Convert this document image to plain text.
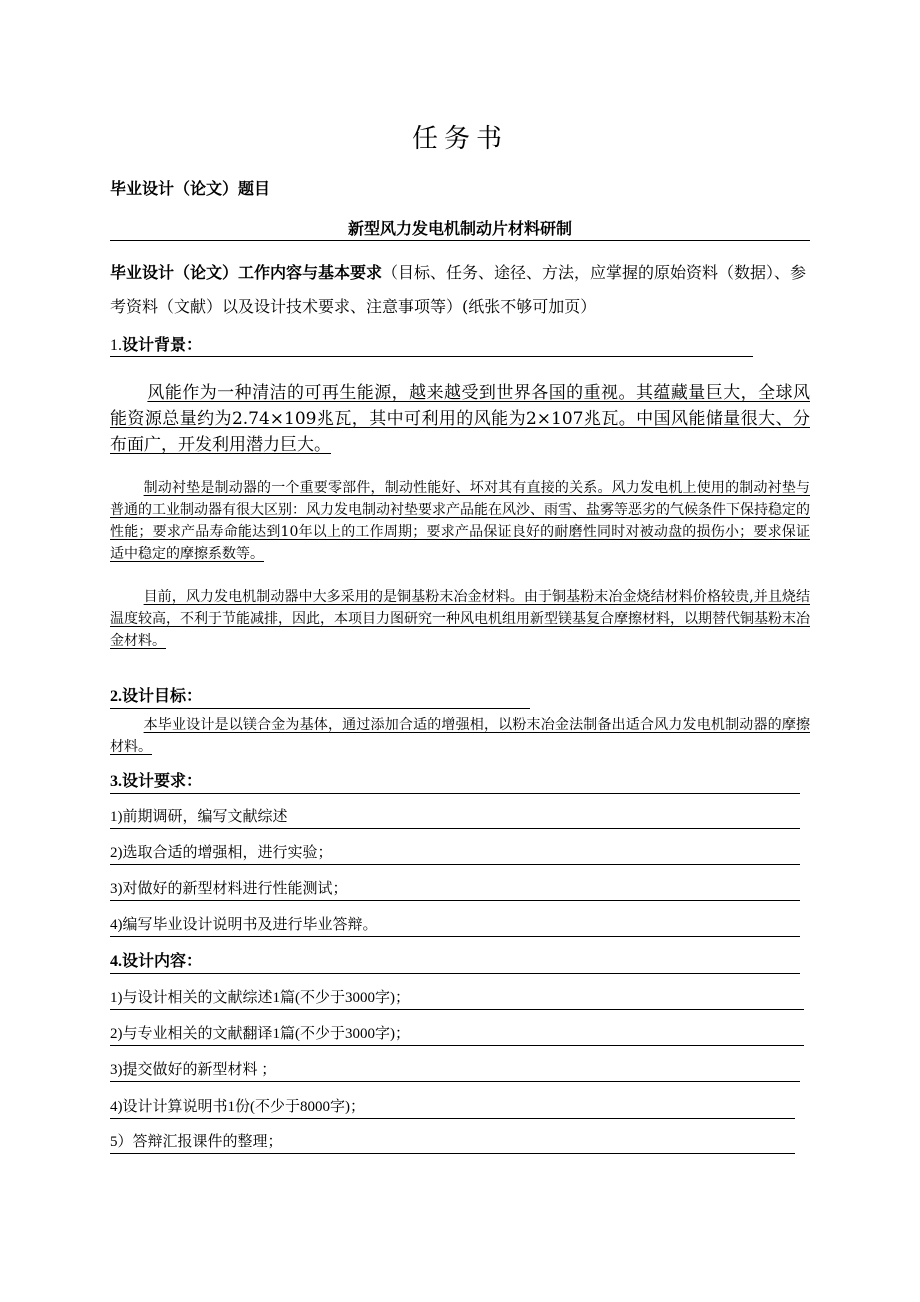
任务书
毕业设计（论文）题目
新型风力发电机制动片材料研制
毕业设计（论文）工作内容与基本要求（目标、任务、途径、方法，应掌握的原始资料（数据）、参考资料（文献）以及设计技术要求、注意事项等）(纸张不够可加页）
1.设计背景：
风能作为一种清洁的可再生能源，越来越受到世界各国的重视。其蕴藏量巨大，全球风能资源总量约为2.74×109兆瓦，其中可利用的风能为2×107兆瓦。中国风能储量很大、分布面广，开发利用潜力巨大。
制动衬垫是制动器的一个重要零部件，制动性能好、坏对其有直接的关系。风力发电机上使用的制动衬垫与普通的工业制动器有很大区别：风力发电制动衬垫要求产品能在风沙、雨雪、盐雾等恶劣的气候条件下保持稳定的性能；要求产品寿命能达到10年以上的工作周期；要求产品保证良好的耐磨性同时对被动盘的损伤小；要求保证适中稳定的摩擦系数等。
目前，风力发电机制动器中大多采用的是铜基粉末冶金材料。由于铜基粉末冶金烧结材料价格较贵,并且烧结温度较高，不利于节能减排，因此，本项目力图研究一种风电机组用新型镁基复合摩擦材料，以期替代铜基粉末冶金材料。
2.设计目标：
本毕业设计是以镁合金为基体，通过添加合适的增强相，以粉末冶金法制备出适合风力发电机制动器的摩擦材料。
3.设计要求：
1)前期调研，编写文献综述
2)选取合适的增强相，进行实验；
3)对做好的新型材料进行性能测试；
4)编写毕业设计说明书及进行毕业答辩。
4.设计内容：
1)与设计相关的文献综述1篇(不少于3000字)；
2)与专业相关的文献翻译1篇(不少于3000字)；
3)提交做好的新型材料 ；
4)设计计算说明书1份(不少于8000字)；
5）答辩汇报课件的整理；
